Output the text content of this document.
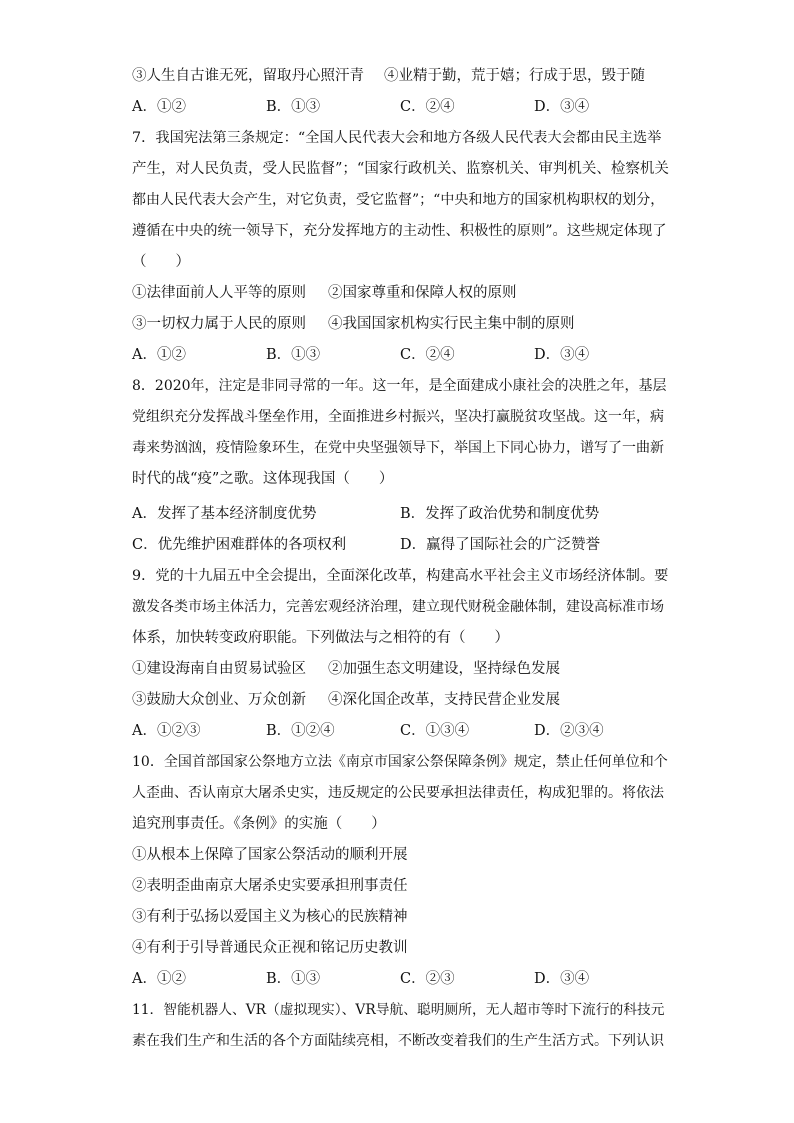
③人生自古谁无死，留取丹心照汗青	④业精于勤，荒于嬉；行成于思，毁于随
A．①②	B．①③	C．②④	D．③④
7．我国宪法第三条规定：“全国人民代表大会和地方各级人民代表大会都由民主选举
产生，对人民负责，受人民监督”；“国家行政机关、监察机关、审判机关、检察机关
都由人民代表大会产生，对它负责，受它监督”；“中央和地方的国家机构职权的划分，
遵循在中央的统一领导下，充分发挥地方的主动性、积极性的原则”。这些规定体现了
（　　）
①法律面前人人平等的原则	②国家尊重和保障人权的原则
③一切权力属于人民的原则	④我国国家机构实行民主集中制的原则
A．①②	B．①③	C．②④	D．③④
8．2020年，注定是非同寻常的一年。这一年，是全面建成小康社会的决胜之年，基层
党组织充分发挥战斗堡垒作用，全面推进乡村振兴，坚决打赢脱贫攻坚战。这一年，病
毒来势汹汹，疫情险象环生，在党中央坚强领导下，举国上下同心协力，谱写了一曲新
时代的战“疫”之歌。这体现我国（　　）
A．发挥了基本经济制度优势	B．发挥了政治优势和制度优势
C．优先维护困难群体的各项权利	D．赢得了国际社会的广泛赞誉
9．党的十九届五中全会提出，全面深化改革，构建高水平社会主义市场经济体制。要
激发各类市场主体活力，完善宏观经济治理，建立现代财税金融体制，建设高标准市场
体系，加快转变政府职能。下列做法与之相符的有（　　）
①建设海南自由贸易试验区	②加强生态文明建设，坚持绿色发展
③鼓励大众创业、万众创新	④深化国企改革，支持民营企业发展
A．①②③	B．①②④	C．①③④	D．②③④
10．全国首部国家公祭地方立法《南京市国家公祭保障条例》规定，禁止任何单位和个
人歪曲、否认南京大屠杀史实，违反规定的公民要承担法律责任，构成犯罪的。将依法
追究刑事责任。《条例》的实施（　　）
①从根本上保障了国家公祭活动的顺利开展
②表明歪曲南京大屠杀史实要承担刑事责任
③有利于弘扬以爱国主义为核心的民族精神
④有利于引导普通民众正视和铭记历史教训
A．①②	B．①③	C．②③	D．③④
11．智能机器人、VR（虚拟现实）、VR导航、聪明厕所，无人超市等时下流行的科技元
素在我们生产和生活的各个方面陆续亮相，不断改变着我们的生产生活方式。下列认识
